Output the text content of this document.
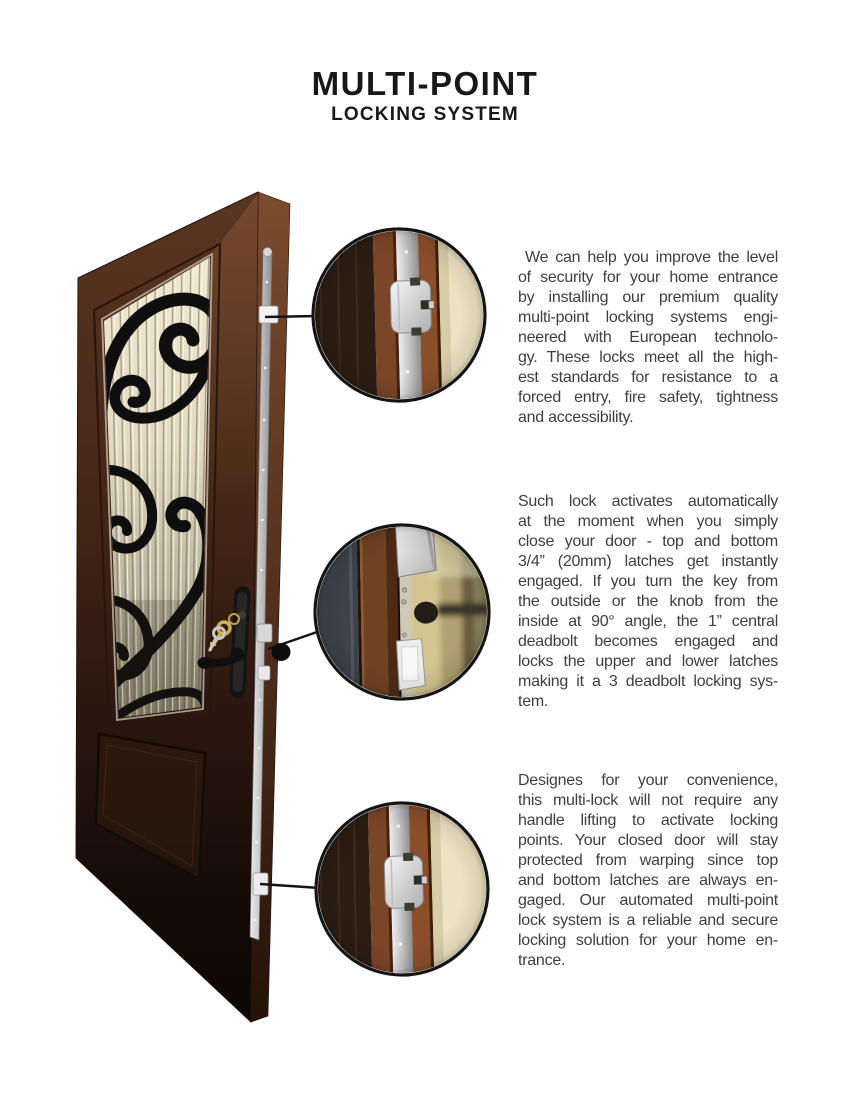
MULTI-POINT
LOCKING SYSTEM
We can help you improve the level
of security for your home entrance
by installing our premium quality
multi-point locking systems engi-
neered with European technolo-
gy. These locks meet all the high-
est standards for resistance to a
forced entry, fire safety, tightness
and accessibility.
Such lock activates automatically
at the moment when you simply
close your door - top and bottom
3/4” (20mm) latches get instantly
engaged. If you turn the key from
the outside or the knob from the
inside at 90° angle, the 1” central
deadbolt becomes engaged and
locks the upper and lower latches
making it a 3 deadbolt locking sys-
tem.
Designes for your convenience,
this multi-lock will not require any
handle lifting to activate locking
points. Your closed door will stay
protected from warping since top
and bottom latches are always en-
gaged. Our automated multi-point
lock system is a reliable and secure
locking solution for your home en-
trance.
